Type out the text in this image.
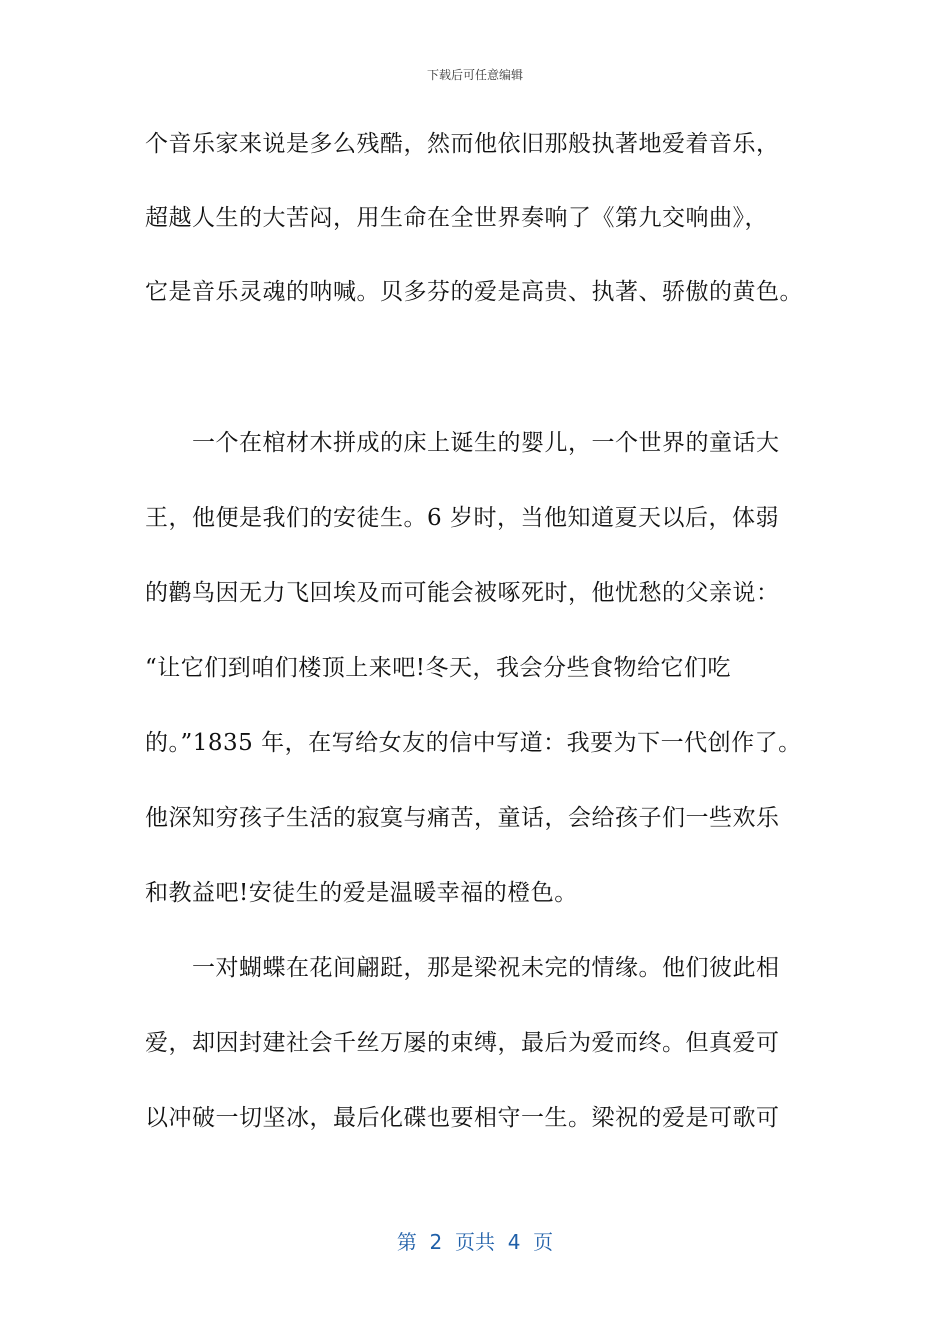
下载后可任意编辑
个音乐家来说是多么残酷，然而他依旧那般执著地爱着音乐，
超越人生的大苦闷，用生命在全世界奏响了《第九交响曲》，
它是音乐灵魂的呐喊。贝多芬的爱是高贵、执著、骄傲的黄色。
　　一个在棺材木拼成的床上诞生的婴儿，一个世界的童话大
王，他便是我们的安徒生。6 岁时，当他知道夏天以后，体弱
的鹳鸟因无力飞回埃及而可能会被啄死时，他忧愁的父亲说：
“让它们到咱们楼顶上来吧!冬天，我会分些食物给它们吃
的。”1835 年，在写给女友的信中写道：我要为下一代创作了。
他深知穷孩子生活的寂寞与痛苦，童话，会给孩子们一些欢乐
和教益吧!安徒生的爱是温暖幸福的橙色。
　　一对蝴蝶在花间翩跹，那是梁祝未完的情缘。他们彼此相
爱，却因封建社会千丝万屡的束缚，最后为爱而终。但真爱可
以冲破一切坚冰，最后化碟也要相守一生。梁祝的爱是可歌可
第  2  页共  4  页
